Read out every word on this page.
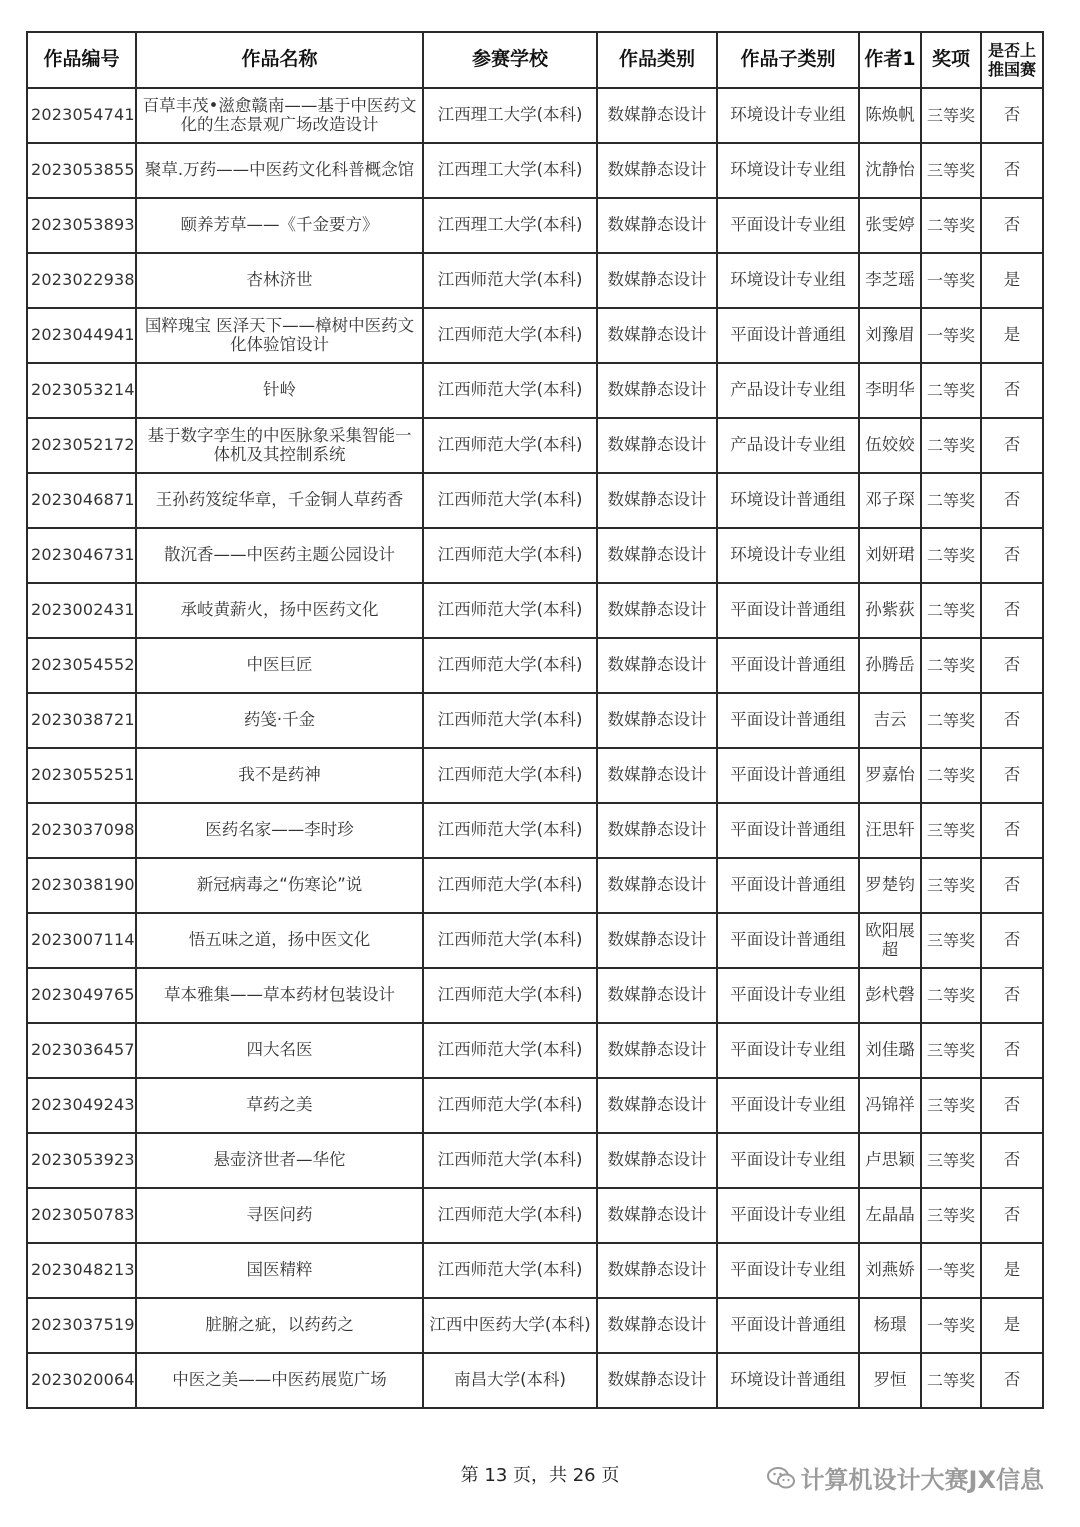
作品编号	作品名称	参赛学校	作品类别	作品子类别	作者1	奖项	是否上推国赛
2023054741	百草丰茂•滋愈赣南——基于中医药文化的生态景观广场改造设计	江西理工大学(本科)	数媒静态设计	环境设计专业组	陈焕帆	三等奖	否
2023053855	聚草.万药——中医药文化科普概念馆	江西理工大学(本科)	数媒静态设计	环境设计专业组	沈静怡	三等奖	否
2023053893	颐养芳草——《千金要方》	江西理工大学(本科)	数媒静态设计	平面设计专业组	张雯婷	二等奖	否
2023022938	杏林济世	江西师范大学(本科)	数媒静态设计	环境设计专业组	李芝瑶	一等奖	是
2023044941	国粹瑰宝 医泽天下——樟树中医药文化体验馆设计	江西师范大学(本科)	数媒静态设计	平面设计普通组	刘豫眉	一等奖	是
2023053214	针岭	江西师范大学(本科)	数媒静态设计	产品设计专业组	李明华	二等奖	否
2023052172	基于数字孪生的中医脉象采集智能一体机及其控制系统	江西师范大学(本科)	数媒静态设计	产品设计专业组	伍姣姣	二等奖	否
2023046871	王孙药笈绽华章，千金铜人草药香	江西师范大学(本科)	数媒静态设计	环境设计普通组	邓子琛	二等奖	否
2023046731	散沉香——中医药主题公园设计	江西师范大学(本科)	数媒静态设计	环境设计专业组	刘妍珺	二等奖	否
2023002431	承岐黄薪火，扬中医药文化	江西师范大学(本科)	数媒静态设计	平面设计普通组	孙紫荻	二等奖	否
2023054552	中医巨匠	江西师范大学(本科)	数媒静态设计	平面设计普通组	孙腾岳	二等奖	否
2023038721	药笺·千金	江西师范大学(本科)	数媒静态设计	平面设计普通组	吉云	二等奖	否
2023055251	我不是药神	江西师范大学(本科)	数媒静态设计	平面设计普通组	罗嘉怡	二等奖	否
2023037098	医药名家——李时珍	江西师范大学(本科)	数媒静态设计	平面设计普通组	汪思轩	三等奖	否
2023038190	新冠病毒之“伤寒论”说	江西师范大学(本科)	数媒静态设计	平面设计普通组	罗楚钧	三等奖	否
2023007114	悟五味之道，扬中医文化	江西师范大学(本科)	数媒静态设计	平面设计普通组	欧阳展超	三等奖	否
2023049765	草本雅集——草本药材包装设计	江西师范大学(本科)	数媒静态设计	平面设计专业组	彭杙磬	二等奖	否
2023036457	四大名医	江西师范大学(本科)	数媒静态设计	平面设计专业组	刘佳璐	三等奖	否
2023049243	草药之美	江西师范大学(本科)	数媒静态设计	平面设计专业组	冯锦祥	三等奖	否
2023053923	悬壶济世者—华佗	江西师范大学(本科)	数媒静态设计	平面设计专业组	卢思颖	三等奖	否
2023050783	寻医问药	江西师范大学(本科)	数媒静态设计	平面设计专业组	左晶晶	三等奖	否
2023048213	国医精粹	江西师范大学(本科)	数媒静态设计	平面设计专业组	刘燕娇	一等奖	是
2023037519	脏腑之疵，以药药之	江西中医药大学(本科)	数媒静态设计	平面设计普通组	杨璟	一等奖	是
2023020064	中医之美——中医药展览广场	南昌大学(本科)	数媒静态设计	环境设计普通组	罗恒	二等奖	否
第 13 页，共 26 页	计算机设计大赛JX信息
